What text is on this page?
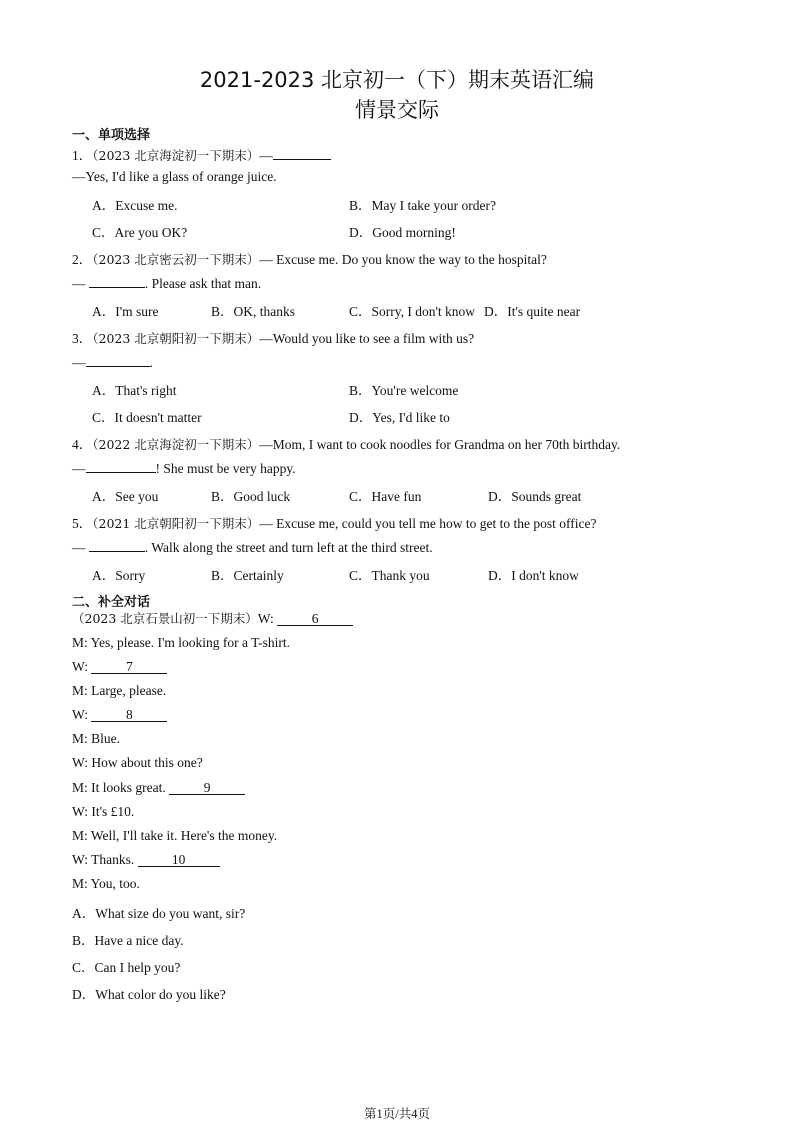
2021-2023 北京初一（下）期末英语汇编
情景交际
一、单项选择
1．（2023 北京海淀初一下期末）—
—Yes, I'd like a glass of orange juice.
A．Excuse me.	B．May I take your order?
C．Are you OK?	D．Good morning!
2．（2023 北京密云初一下期末）— Excuse me. Do you know the way to the hospital?
—	. Please ask that man.
A．I'm sure	B．OK, thanks	C．Sorry, I don't know D．It's quite near
3．（2023 北京朝阳初一下期末）—Would you like to see a film with us?
—	.
A．That's right	B．You're welcome
C．It doesn't matter	D．Yes, I'd like to
4．（2022 北京海淀初一下期末）—Mom, I want to cook noodles for Grandma on her 70th birthday.
—	! She must be very happy.
A．See you	B．Good luck	C．Have fun	D．Sounds great
5．（2021 北京朝阳初一下期末）— Excuse me, could you tell me how to get to the post office?
—	. Walk along the street and turn left at the third street.
A．Sorry	B．Certainly	C．Thank you	D．I don't know
二、补全对话
（2023 北京石景山初一下期末）W:	6
M: Yes, please. I'm looking for a T-shirt.
W:	7
M: Large, please.
W:	8
M: Blue.
W: How about this one?
M: It looks great.	9
W: It's £10.
M: Well, I'll take it. Here's the money.
W: Thanks.	10
M: You, too.
A．What size do you want, sir?
B．Have a nice day.
C．Can I help you?
D．What color do you like?
第1页/共4页
